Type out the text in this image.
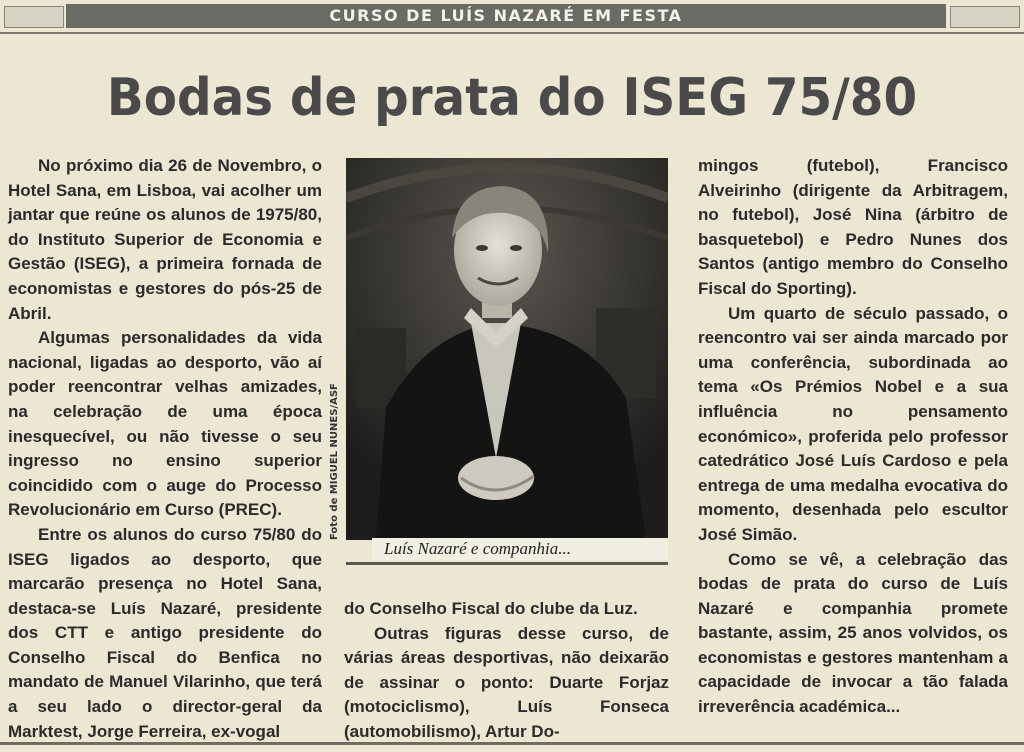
CURSO DE LUÍS NAZARÉ EM FESTA
Bodas de prata do ISEG 75/80

No próximo dia 26 de Novembro, o Hotel Sana, em Lisboa, vai acolher um jantar que reúne os alunos de 1975/80, do Instituto Superior de Economia e Gestão (ISEG), a primeira fornada de economistas e gestores do pós-25 de Abril.

Algumas personalidades da vida nacional, ligadas ao desporto, vão aí poder reencontrar velhas amizades, na celebração de uma época inesquecível, ou não tivesse o seu ingresso no ensino superior coincidido com o auge do Processo Revolucionário em Curso (PREC).

Entre os alunos do curso 75/80 do ISEG ligados ao desporto, que marcarão presença no Hotel Sana, destaca-se Luís Nazaré, presidente dos CTT e antigo presidente do Conselho Fiscal do Benfica no mandato de Manuel Vilarinho, que terá a seu lado o director-geral da Marktest, Jorge Ferreira, ex-vogal

Foto de MIGUEL NUNES/ASF
Luís Nazaré e companhia...

do Conselho Fiscal do clube da Luz.

Outras figuras desse curso, de várias áreas desportivas, não deixarão de assinar o ponto: Duarte Forjaz (motociclismo), Luís Fonseca (automobilismo), Artur Do-

mingos (futebol), Francisco Alveirinho (dirigente da Arbitragem, no futebol), José Nina (árbitro de basquetebol) e Pedro Nunes dos Santos (antigo membro do Conselho Fiscal do Sporting).

Um quarto de século passado, o reencontro vai ser ainda marcado por uma conferência, subordinada ao tema «Os Prémios Nobel e a sua influência no pensamento económico», proferida pelo professor catedrático José Luís Cardoso e pela entrega de uma medalha evocativa do momento, desenhada pelo escultor José Simão.

Como se vê, a celebração das bodas de prata do curso de Luís Nazaré e companhia promete bastante, assim, 25 anos volvidos, os economistas e gestores mantenham a capacidade de invocar a tão falada irreverência académica...
